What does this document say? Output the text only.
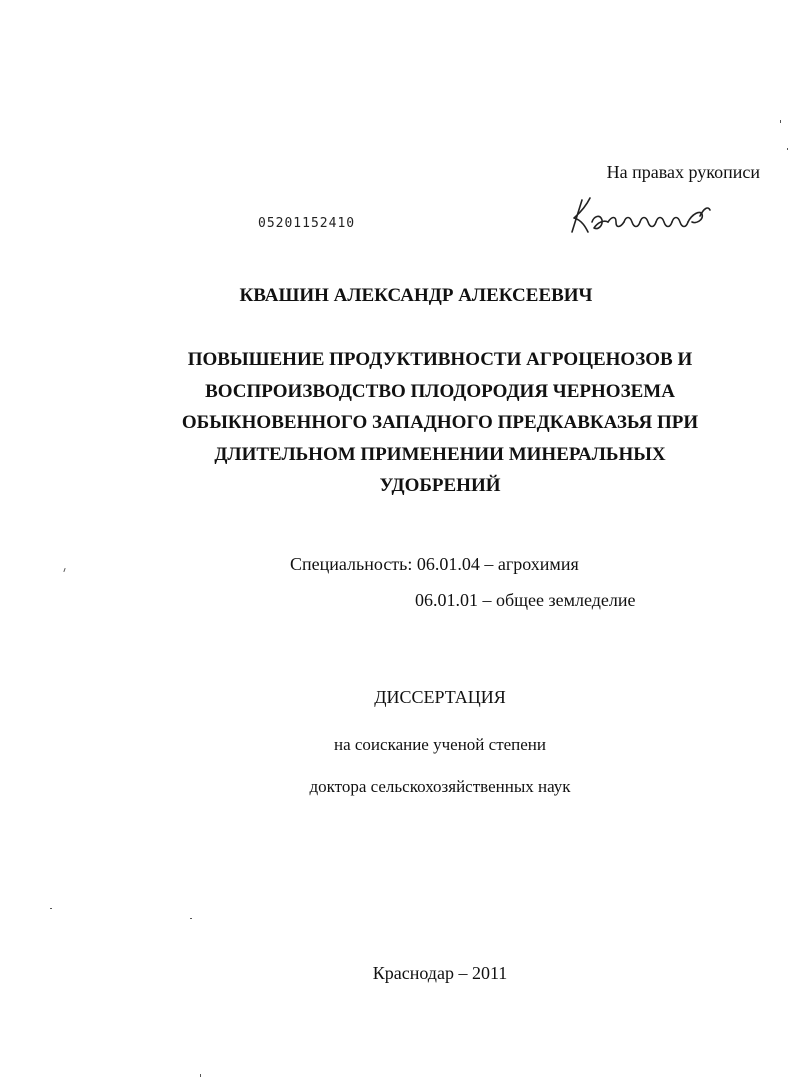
На правах рукописи
05201152410
КВАШИН АЛЕКСАНДР АЛЕКСЕЕВИЧ
ПОВЫШЕНИЕ ПРОДУКТИВНОСТИ АГРОЦЕНОЗОВ И
ВОСПРОИЗВОДСТВО ПЛОДОРОДИЯ ЧЕРНОЗЕМА
ОБЫКНОВЕННОГО ЗАПАДНОГО ПРЕДКАВКАЗЬЯ ПРИ
ДЛИТЕЛЬНОМ ПРИМЕНЕНИИ МИНЕРАЛЬНЫХ
УДОБРЕНИЙ
Специальность: 06.01.04 – агрохимия
06.01.01 – общее земледелие
ДИССЕРТАЦИЯ
на соискание ученой степени
доктора сельскохозяйственных наук
Краснодар – 2011
